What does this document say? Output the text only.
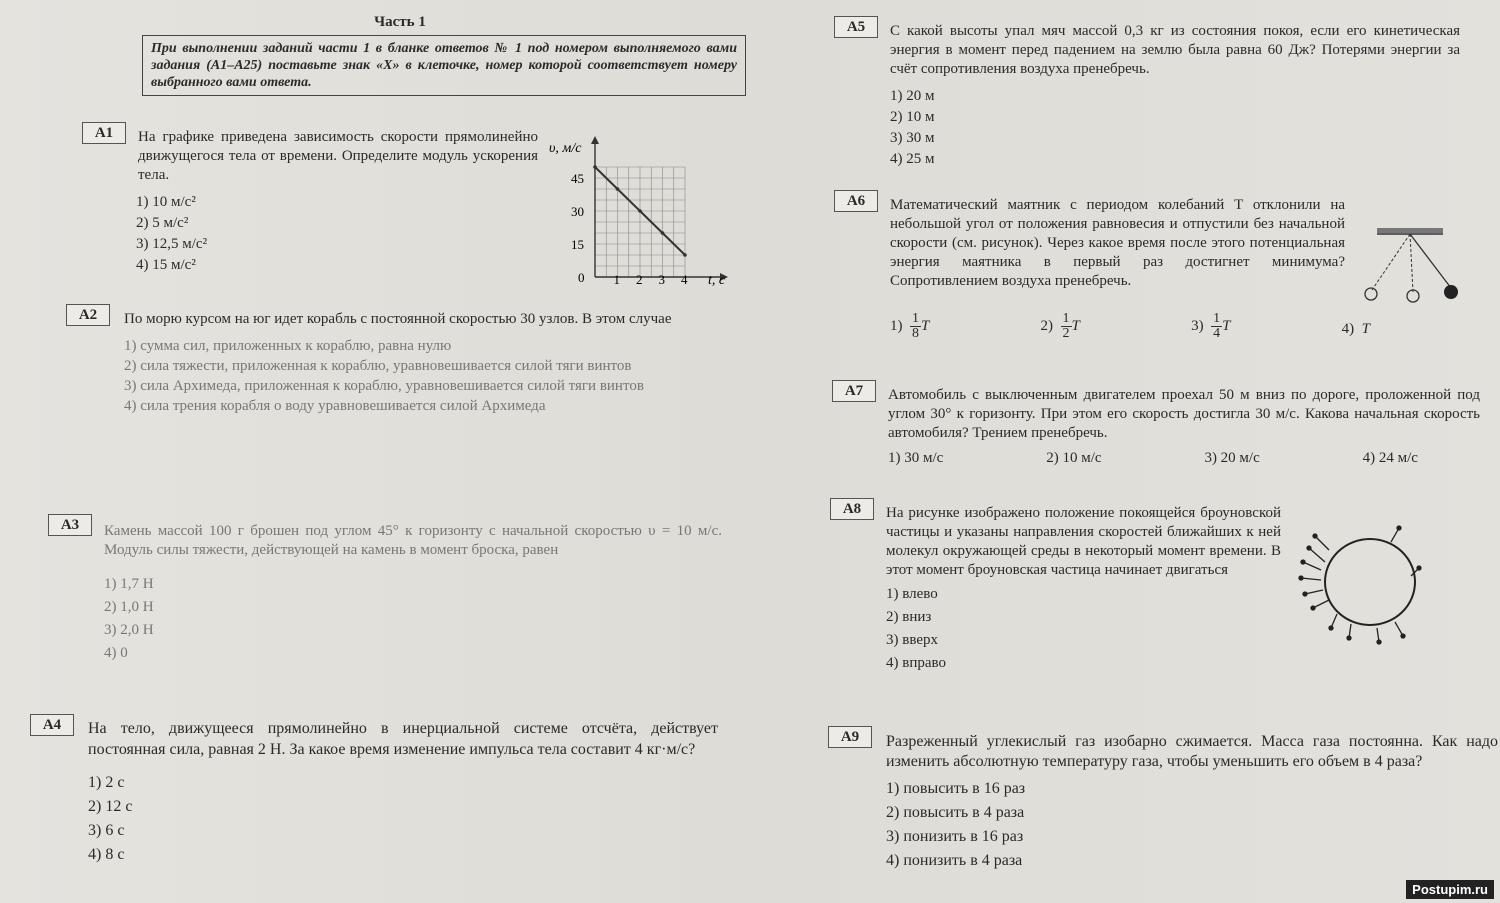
Часть 1
При выполнении заданий части 1 в бланке ответов № 1 под номером выполняемого вами задания (А1–А25) поставьте знак «Х» в клеточке, номер которой соответствует номеру выбранного вами ответа.
А1	На графике приведена зависимость скорости прямолинейно движущегося тела от времени. Определите модуль ускорения тела.
1) 10 м/с²
2) 5 м/с²
3) 12,5 м/с²
4) 15 м/с²
υ, м/с
t, с
0
15
30
45
1 2 3 4
А2	По морю курсом на юг идет корабль с постоянной скоростью 30 узлов. В этом случае
1) сумма сил, приложенных к кораблю, равна нулю
2) сила тяжести, приложенная к кораблю, уравновешивается силой тяги винтов
3) сила Архимеда, приложенная к кораблю, уравновешивается силой тяги винтов
4) сила трения корабля о воду уравновешивается силой Архимеда
А3	Камень массой 100 г брошен под углом 45° к горизонту с начальной скоростью υ = 10 м/с. Модуль силы тяжести, действующей на камень в момент броска, равен
1) 1,7 Н
2) 1,0 Н
3) 2,0 Н
4) 0
А4	На тело, движущееся прямолинейно в инерциальной системе отсчёта, действует постоянная сила, равная 2 Н. За какое время изменение импульса тела составит 4 кг·м/с?
1) 2 с
2) 12 с
3) 6 с
4) 8 с
А5	С какой высоты упал мяч массой 0,3 кг из состояния покоя, если его кинетическая энергия в момент перед падением на землю была равна 60 Дж? Потерями энергии за счёт сопротивления воздуха пренебречь.
1) 20 м
2) 10 м
3) 30 м
4) 25 м
А6	Математический маятник с периодом колебаний T отклонили на небольшой угол от положения равновесия и отпустили без начальной скорости (см. рисунок). Через какое время после этого потенциальная энергия маятника в первый раз достигнет минимума? Сопротивлением воздуха пренебречь.
$1) \frac{1}{8}$ T	$2) \frac{1}{2}$ T	$3) \frac{1}{4}$ T	4) T
А7	Автомобиль с выключенным двигателем проехал 50 м вниз по дороге, проложенной под углом 30° к горизонту. При этом его скорость достигла 30 м/с. Какова начальная скорость автомобиля? Трением пренебречь.
1) 30 м/с	2) 10 м/с	3) 20 м/с	4) 24 м/с
А8	На рисунке изображено положение покоящейся броуновской частицы и указаны направления скоростей ближайших к ней молекул окружающей среды в некоторый момент времени. В этот момент броуновская частица начинает двигаться
1) влево
2) вниз
3) вверх
4) вправо
А9	Разреженный углекислый газ изобарно сжимается. Масса газа постоянна. Как надо изменить абсолютную температуру газа, чтобы уменьшить его объем в 4 раза?
1) повысить в 16 раз
2) повысить в 4 раза
3) понизить в 16 раз
4) понизить в 4 раза
Postupim.ru
